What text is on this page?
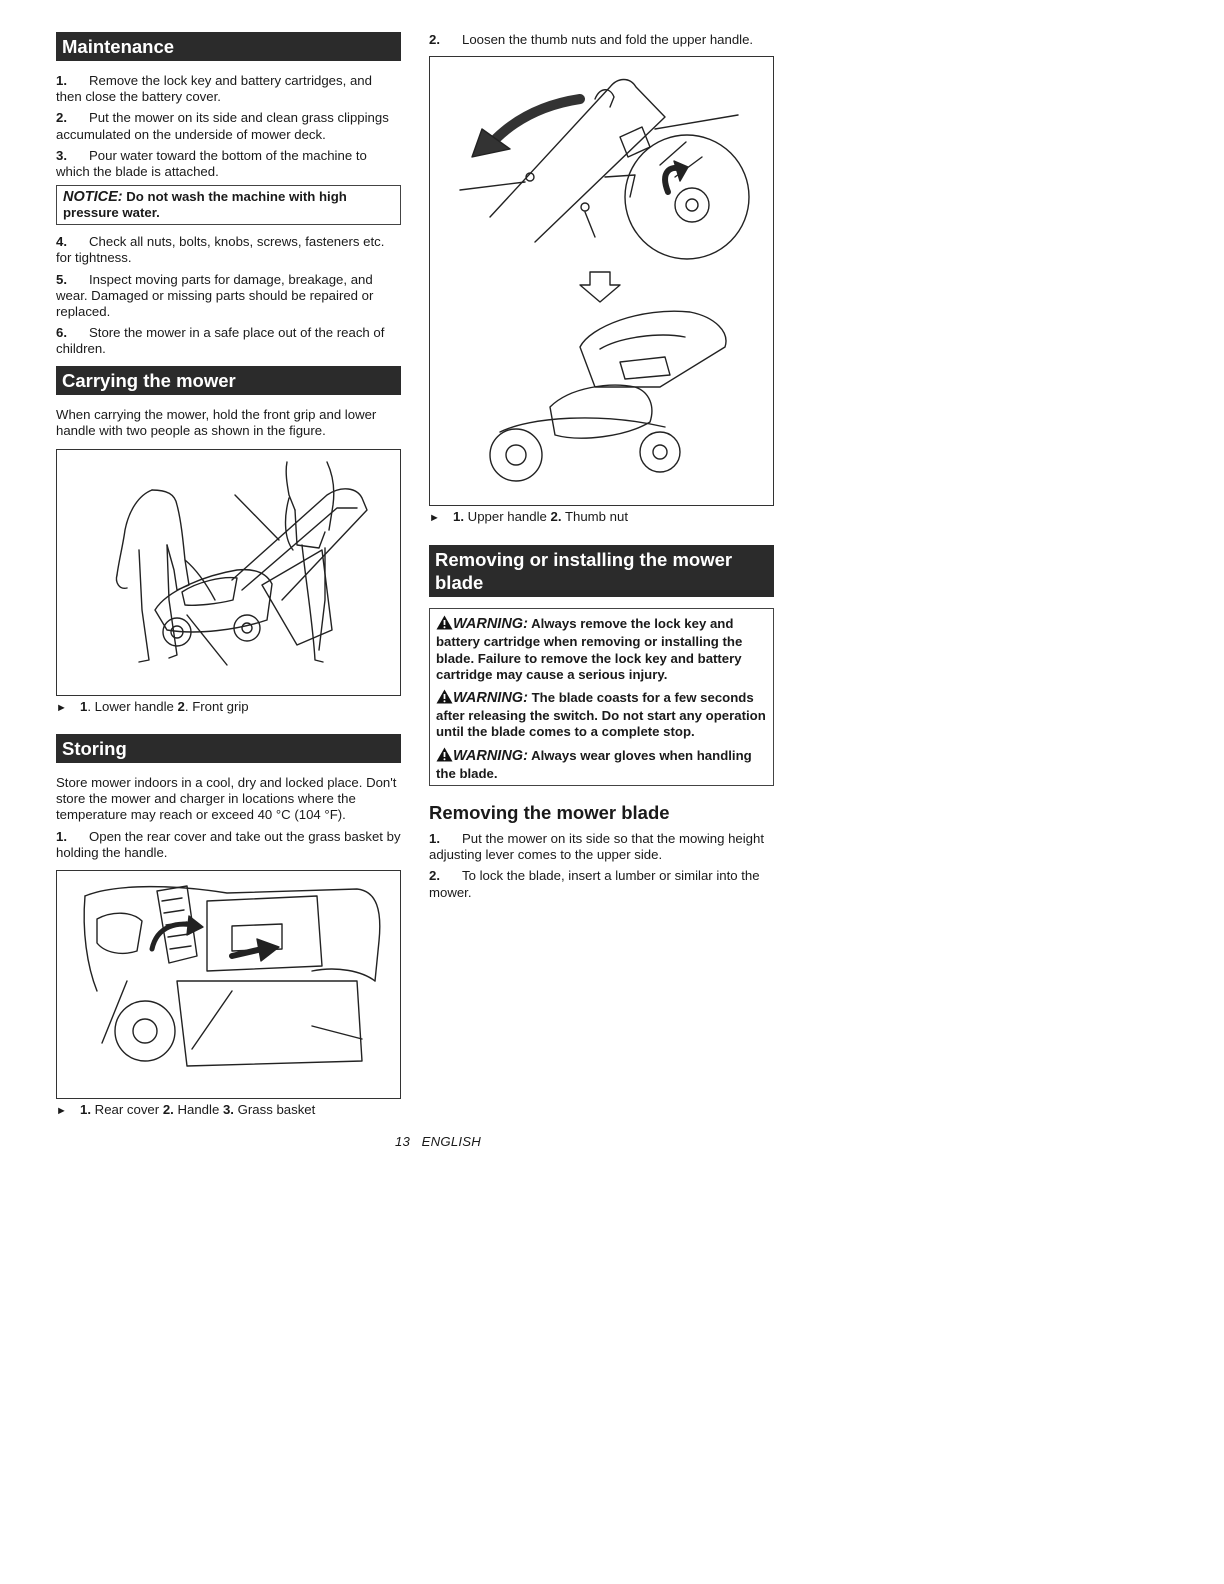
Maintenance

1. Remove the lock key and battery cartridges, and then close the battery cover.

2. Put the mower on its side and clean grass clippings accumulated on the underside of mower deck.

3. Pour water toward the bottom of the machine to which the blade is attached.

NOTICE: Do not wash the machine with high pressure water.

4. Check all nuts, bolts, knobs, screws, fasteners etc. for tightness.

5. Inspect moving parts for damage, breakage, and wear. Damaged or missing parts should be repaired or replaced.

6. Store the mower in a safe place out of the reach of children.

Carrying the mower

When carrying the mower, hold the front grip and lower handle with two people as shown in the figure.

► 1. Lower handle 2. Front grip

Storing

Store mower indoors in a cool, dry and locked place. Don't store the mower and charger in locations where the temperature may reach or exceed 40 °C (104 °F).

1. Open the rear cover and take out the grass basket by holding the handle.

► 1. Rear cover 2. Handle 3. Grass basket

2. Loosen the thumb nuts and fold the upper handle.

► 1. Upper handle 2. Thumb nut

Removing or installing the mower blade

WARNING: Always remove the lock key and battery cartridge when removing or installing the blade. Failure to remove the lock key and battery cartridge may cause a serious injury.

WARNING: The blade coasts for a few seconds after releasing the switch. Do not start any operation until the blade comes to a complete stop.

WARNING: Always wear gloves when handling the blade.

Removing the mower blade

1. Put the mower on its side so that the mowing height adjusting lever comes to the upper side.

2. To lock the blade, insert a lumber or similar into the mower.

13 ENGLISH
